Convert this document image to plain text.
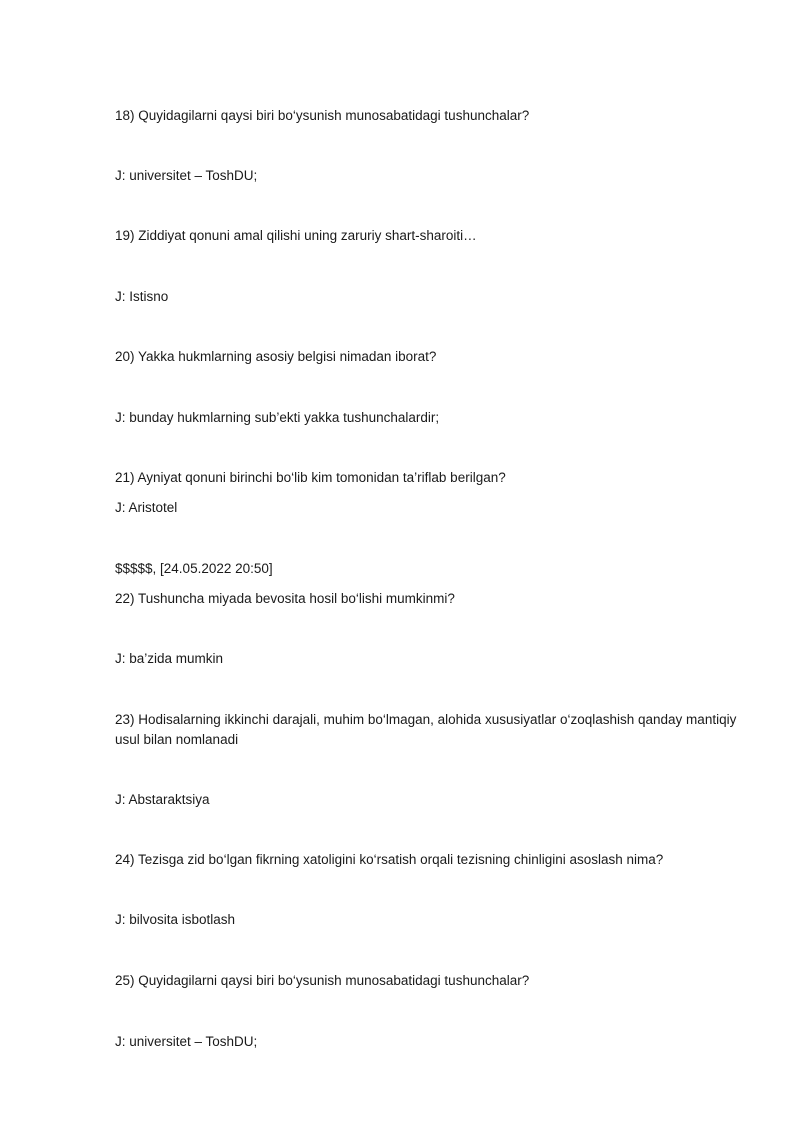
18) Quyidagilarni qaysi biri bo‘ysunish munosabatidagi tushunchalar?
J: universitet – ToshDU;
19) Ziddiyat qonuni amal qilishi uning zaruriy shart-sharoiti…
J: Istisno
20) Yakka hukmlarning asosiy belgisi nimadan iborat?
J: bunday hukmlarning sub’ekti yakka tushunchalardir;
21) Ayniyat qonuni birinchi bo‘lib kim tomonidan ta’riflab berilgan?
J: Aristotel
$$$$$, [24.05.2022 20:50]
22) Tushuncha miyada bevosita hosil bo‘lishi mumkinmi?
J: ba’zida mumkin
23) Hodisalarning ikkinchi darajali, muhim bo‘lmagan, alohida xususiyatlar o‘zoqlashish qanday mantiqiy usul bilan nomlanadi
J: Abstaraktsiya
24) Tezisga zid bo‘lgan fikrning xatoligini ko‘rsatish orqali tezisning chinligini asoslash nima?
J: bilvosita isbotlash
25) Quyidagilarni qaysi biri bo‘ysunish munosabatidagi tushunchalar?
J: universitet – ToshDU;
